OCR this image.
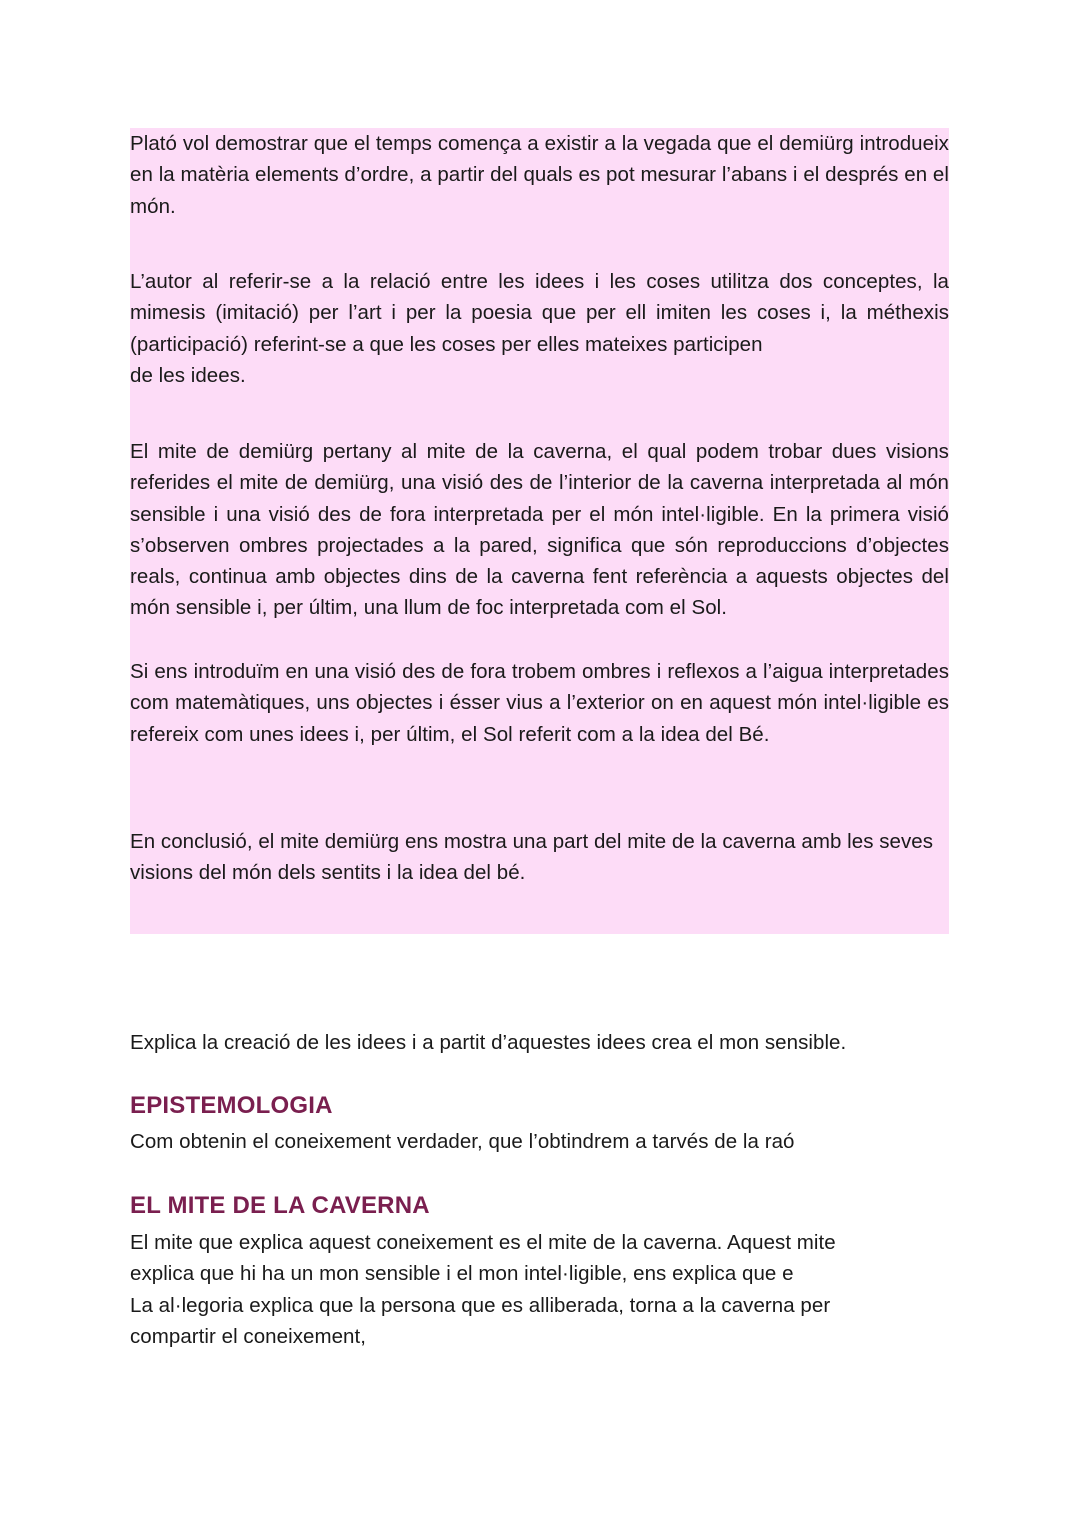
Plató vol demostrar que el temps comença a existir a la vegada que el demiürg introdueix en la matèria elements d’ordre, a partir del quals es pot mesurar l’abans i el després en el món.

L’autor al referir-se a la relació entre les idees i les coses utilitza dos conceptes, la mimesis (imitació) per l’art i per la poesia que per ell imiten les coses i, la méthexis (participació) referint-se a que les coses per elles mateixes participen
de les idees.

El mite de demiürg pertany al mite de la caverna, el qual podem trobar dues visions referides el mite de demiürg, una visió des de l’interior de la caverna interpretada al món sensible i una visió des de fora interpretada per el món intel·ligible. En la primera visió s’observen ombres projectades a la pared, significa que són reproduccions d’objectes reals, continua amb objectes dins de la caverna fent referència a aquests objectes del món sensible i, per últim, una llum de foc interpretada com el Sol.

Si ens introduïm en una visió des de fora trobem ombres i reflexos a l’aigua interpretades com matemàtiques, uns objectes i ésser vius a l’exterior on en aquest món intel·ligible es refereix com unes idees i, per últim, el Sol referit com a la idea del Bé.

En conclusió, el mite demiürg ens mostra una part del mite de la caverna amb les seves visions del món dels sentits i la idea del bé.

Explica la creació de les idees i a partit d’aquestes idees crea el mon sensible.

EPISTEMOLOGIA

Com obtenin el coneixement verdader, que l’obtindrem a tarvés de la raó

EL MITE DE LA CAVERNA

El mite que explica aquest coneixement es el mite de la caverna. Aquest mite
explica que hi ha un mon sensible i el mon intel·ligible, ens explica que e
La al·legoria explica que la persona que es alliberada, torna a la caverna per
compartir el coneixement,
